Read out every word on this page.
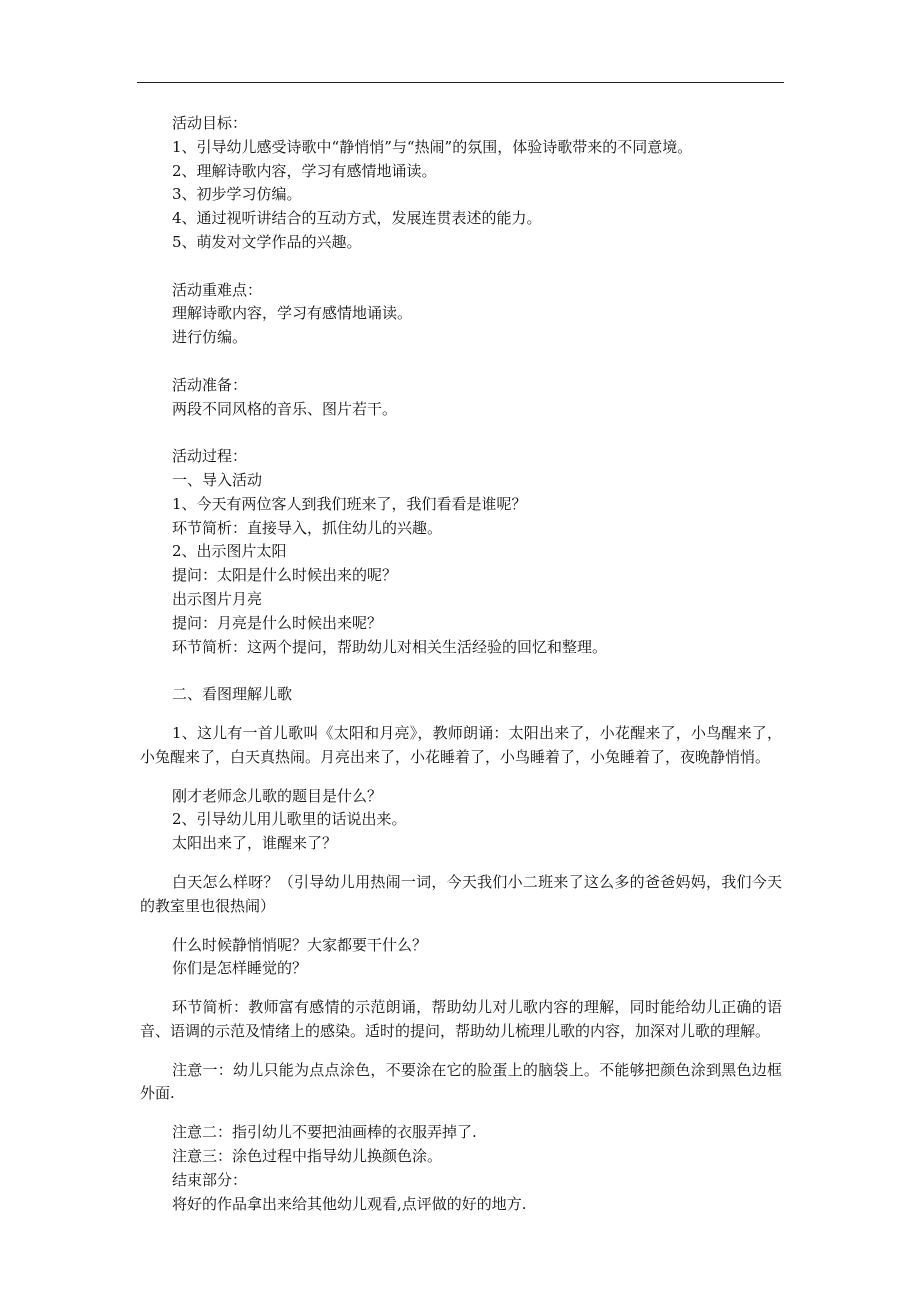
活动目标：

1、引导幼儿感受诗歌中“静悄悄”与“热闹”的氛围，体验诗歌带来的不同意境。

2、理解诗歌内容，学习有感情地诵读。

3、初步学习仿编。

4、通过视听讲结合的互动方式，发展连贯表述的能力。

5、萌发对文学作品的兴趣。

活动重难点：

理解诗歌内容，学习有感情地诵读。

进行仿编。

活动准备：

两段不同风格的音乐、图片若干。

活动过程：

一、导入活动

1、今天有两位客人到我们班来了，我们看看是谁呢？

环节简析：直接导入，抓住幼儿的兴趣。

2、出示图片太阳

提问：太阳是什么时候出来的呢？

出示图片月亮

提问：月亮是什么时候出来呢？

环节简析：这两个提问，帮助幼儿对相关生活经验的回忆和整理。

二、看图理解儿歌

1、这儿有一首儿歌叫《太阳和月亮》，教师朗诵：太阳出来了，小花醒来了，小鸟醒来了，小兔醒来了，白天真热闹。月亮出来了，小花睡着了，小鸟睡着了，小兔睡着了，夜晚静悄悄。

刚才老师念儿歌的题目是什么？

2、引导幼儿用儿歌里的话说出来。

太阳出来了，谁醒来了？

白天怎么样呀？（引导幼儿用热闹一词，今天我们小二班来了这么多的爸爸妈妈，我们今天的教室里也很热闹）

什么时候静悄悄呢？大家都要干什么？

你们是怎样睡觉的？

环节简析：教师富有感情的示范朗诵，帮助幼儿对儿歌内容的理解，同时能给幼儿正确的语音、语调的示范及情绪上的感染。适时的提问，帮助幼儿梳理儿歌的内容，加深对儿歌的理解。

注意一：幼儿只能为点点涂色，不要涂在它的脸蛋上的脑袋上。不能够把颜色涂到黑色边框外面.

注意二：指引幼儿不要把油画棒的衣服弄掉了.

注意三：涂色过程中指导幼儿换颜色涂。

结束部分：

将好的作品拿出来给其他幼儿观看,点评做的好的地方.
